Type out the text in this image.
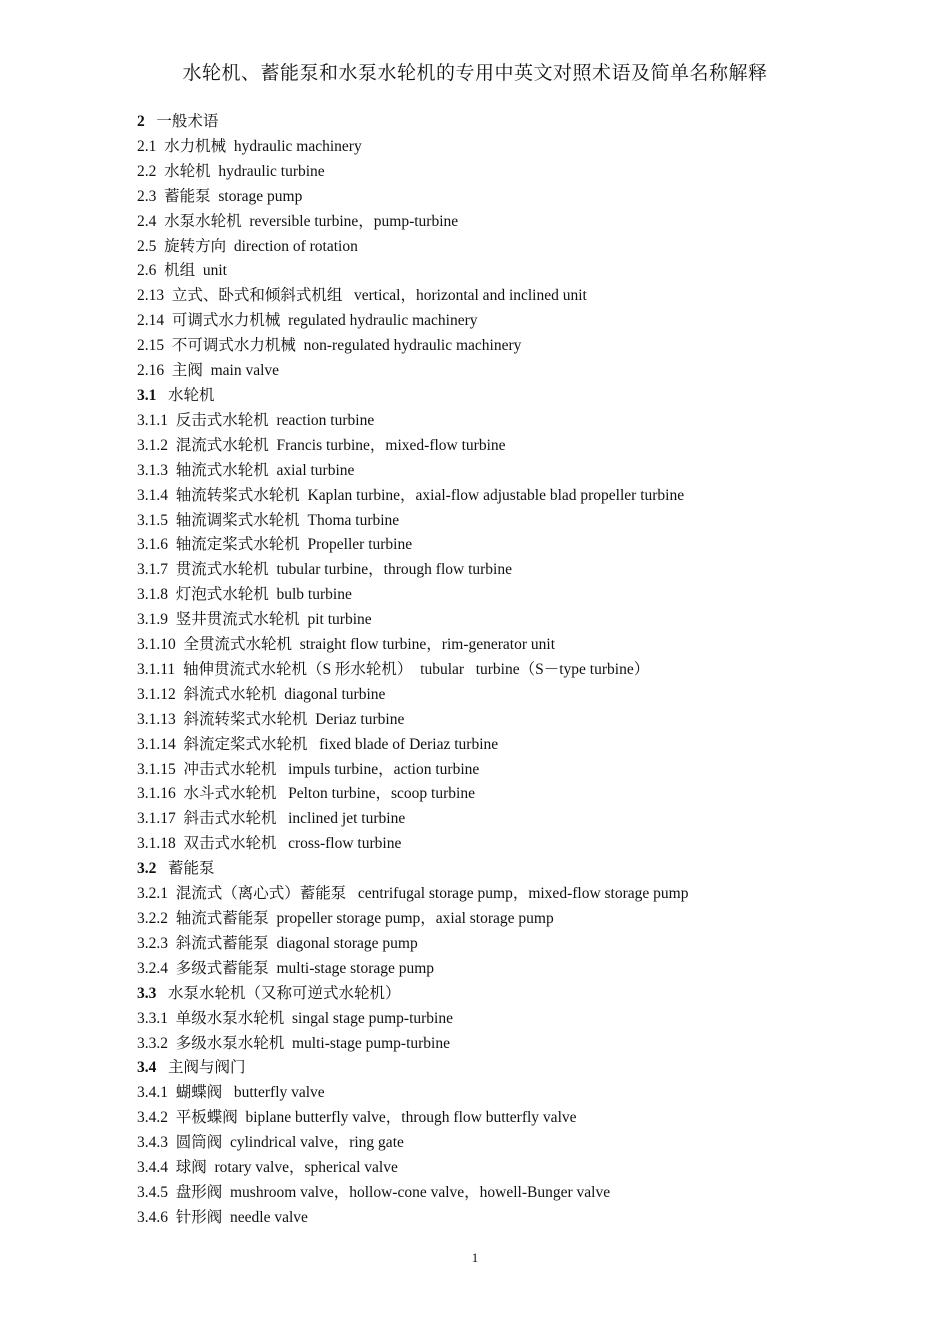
水轮机、蓄能泵和水泵水轮机的专用中英文对照术语及简单名称解释
2 一般术语
2.1 水力机械  hydraulic machinery
2.2 水轮机  hydraulic turbine
2.3 蓄能泵  storage pump
2.4 水泵水轮机  reversible turbine，pump-turbine
2.5 旋转方向  direction of rotation
2.6 机组  unit
2.13 立式、卧式和倾斜式机组   vertical，horizontal and inclined unit
2.14 可调式水力机械  regulated hydraulic machinery
2.15 不可调式水力机械  non-regulated hydraulic machinery
2.16 主阀  main valve
3.1 水轮机
3.1.1 反击式水轮机  reaction turbine
3.1.2 混流式水轮机  Francis turbine，mixed-flow turbine
3.1.3 轴流式水轮机  axial turbine
3.1.4 轴流转桨式水轮机  Kaplan turbine，axial-flow adjustable blad propeller turbine
3.1.5 轴流调桨式水轮机  Thoma turbine
3.1.6 轴流定桨式水轮机  Propeller turbine
3.1.7 贯流式水轮机  tubular turbine，through flow turbine
3.1.8 灯泡式水轮机  bulb turbine
3.1.9 竖井贯流式水轮机  pit turbine
3.1.10 全贯流式水轮机  straight flow turbine，rim-generator unit
3.1.11 轴伸贯流式水轮机（S 形水轮机）  tubular   turbine（S－type turbine）
3.1.12 斜流式水轮机  diagonal turbine
3.1.13 斜流转桨式水轮机  Deriaz turbine
3.1.14 斜流定桨式水轮机   fixed blade of Deriaz turbine
3.1.15 冲击式水轮机   impuls turbine，action turbine
3.1.16 水斗式水轮机   Pelton turbine，scoop turbine
3.1.17 斜击式水轮机   inclined jet turbine
3.1.18 双击式水轮机   cross-flow turbine
3.2 蓄能泵
3.2.1 混流式（离心式）蓄能泵   centrifugal storage pump，mixed-flow storage pump
3.2.2 轴流式蓄能泵  propeller storage pump，axial storage pump
3.2.3 斜流式蓄能泵  diagonal storage pump
3.2.4 多级式蓄能泵  multi-stage storage pump
3.3 水泵水轮机（又称可逆式水轮机）
3.3.1 单级水泵水轮机  singal stage pump-turbine
3.3.2 多级水泵水轮机  multi-stage pump-turbine
3.4 主阀与阀门
3.4.1 蝴蝶阀   butterfly valve
3.4.2 平板蝶阀  biplane butterfly valve，through flow butterfly valve
3.4.3 圆筒阀  cylindrical valve，ring gate
3.4.4 球阀  rotary valve，spherical valve
3.4.5 盘形阀  mushroom valve，hollow-cone valve，howell-Bunger valve
3.4.6 针形阀  needle valve
1
